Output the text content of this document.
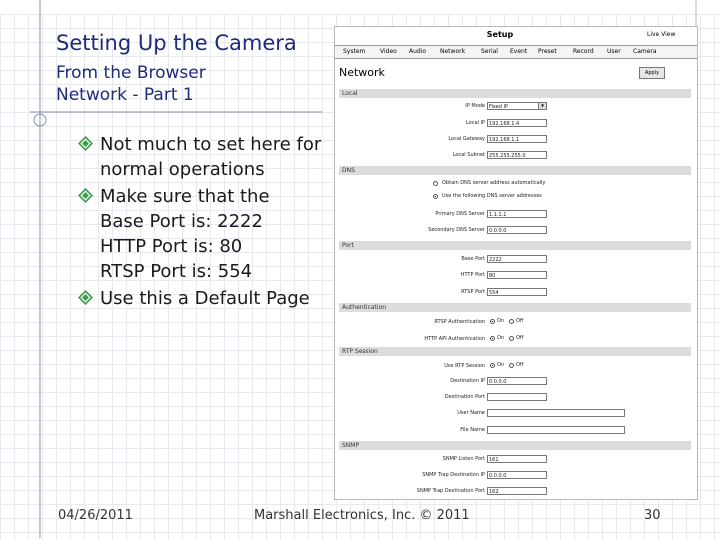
Setting Up the Camera
From the Browser
Network - Part 1
Not much to set here for
normal operations
Make sure that the
Base Port is: 2222
HTTP Port is: 80
RTSP Port is: 554
Use this a Default Page
04/26/2011	Marshall Electronics, Inc. © 2011	30
Setup	Live View
System Video Audio Network	Serial Event Preset	Record User Camera
Network	Apply
Local
IP Mode Fixed IP	▼
Local IP 192.168.1.4
Local Gateway 192.168.1.1
Local Subnet 255.255.255.0
DNS
Obtain DNS server address automatically
Use the following DNS server addresses
Primary DNS Server 1.1.1.1
Secondary DNS Server 0.0.0.0
Port
Base Port 2222
HTTP Port 80
RTSP Port 554
Authentication
RTSP Authentication On Off
HTTP API Authentication On Off
RTP Session
Use RTP Session On Off
Destination IP 0.0.0.0
Destination Port
User Name
File Name
SNMP
SNMP Listen Port 161
SNMP Trap Destination IP 0.0.0.0
SNMP Trap Destination Port 162
